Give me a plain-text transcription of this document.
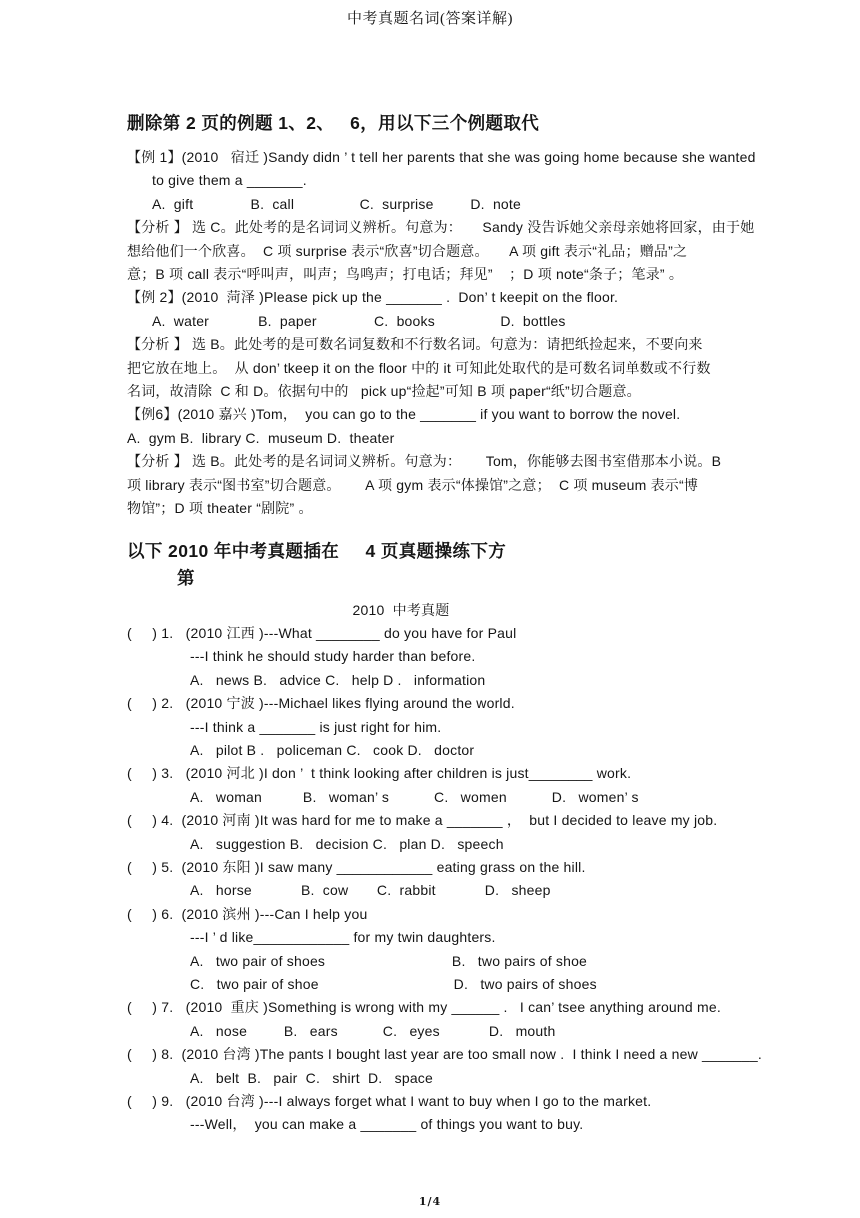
中考真题名词(答案详解)
删除第 2 页的例题 1、2、   6，用以下三个例题取代
【例 1】(2010   宿迁 )Sandy didn ’ t tell her parents that she was going home because she wanted
to give them a _______.
A.  gift              B.  call                C.  surprise         D.  note
【分析 】 选 C。此处考的是名词词义辨析。句意为：     Sandy 没告诉她父亲母亲她将回家，由于她
想给他们一个欣喜。  C 项 surprise 表示“欣喜”切合题意。     A 项 gift 表示“礼品；赠品”之
意；B 项 call 表示“呼叫声，叫声；鸟鸣声；打电话；拜见”    ；D 项 note“条子；笔录” 。
【例 2】(2010  菏泽 )Please pick up the _______ .  Don’ t keepit on the floor.
A.  water            B.  paper              C.  books                D.  bottles
【分析 】 选 B。此处考的是可数名词复数和不行数名词。句意为：请把纸捡起来，不要向来
把它放在地上。  从 don’ tkeep it on the floor 中的 it 可知此处取代的是可数名词单数或不行数
名词，故清除  C 和 D。依据句中的   pick up“捡起”可知 B 项 paper“纸”切合题意。
【例6】(2010 嘉兴 )Tom，  you can go to the _______ if you want to borrow the novel.
A.  gym B.  library C.  museum D.  theater
【分析 】 选 B。此处考的是名词词义辨析。句意为：      Tom，你能够去图书室借那本小说。B
项 library 表示“图书室”切合题意。      A 项 gym 表示“体操馆”之意；  C 项 museum 表示“博
物馆”；D 项 theater “剧院” 。
以下 2010 年中考真题插在     4 页真题操练下方
第
2010  中考真题
(     ) 1.   (2010 江西 )---What ________ do you have for Paul
---I think he should study harder than before.
A.   news B.   advice C.   help D .   information
(     ) 2.   (2010 宁波 )---Michael likes flying around the world.
---I think a _______ is just right for him.
A.   pilot B .   policeman C.   cook D.   doctor
(     ) 3.   (2010 河北 )I don ’  t think looking after children is just________ work.
A.   woman          B.   woman’ s           C.   women           D.   women’ s
(     ) 4.  (2010 河南 )It was hard for me to make a _______ ，  but I decided to leave my job.
A.   suggestion B.   decision C.   plan D.   speech
(     ) 5.  (2010 东阳 )I saw many ____________ eating grass on the hill.
A.   horse            B.  cow       C.  rabbit            D.   sheep
(     ) 6.  (2010 滨州 )---Can I help you
---I ’ d like____________ for my twin daughters.
A.   two pair of shoes                               B.   two pairs of shoe
C.   two pair of shoe                                 D.   two pairs of shoes
(     ) 7.   (2010  重庆 )Something is wrong with my ______ .   I can’ tsee anything around me.
A.   nose         B.   ears           C.   eyes            D.   mouth
(     ) 8.  (2010 台湾 )The pants I bought last year are too small now .  I think I need a new _______.
A.   belt  B.   pair  C.   shirt  D.   space
(     ) 9.   (2010 台湾 )---I always forget what I want to buy when I go to the market.
---Well，  you can make a _______ of things you want to buy.
1/4
